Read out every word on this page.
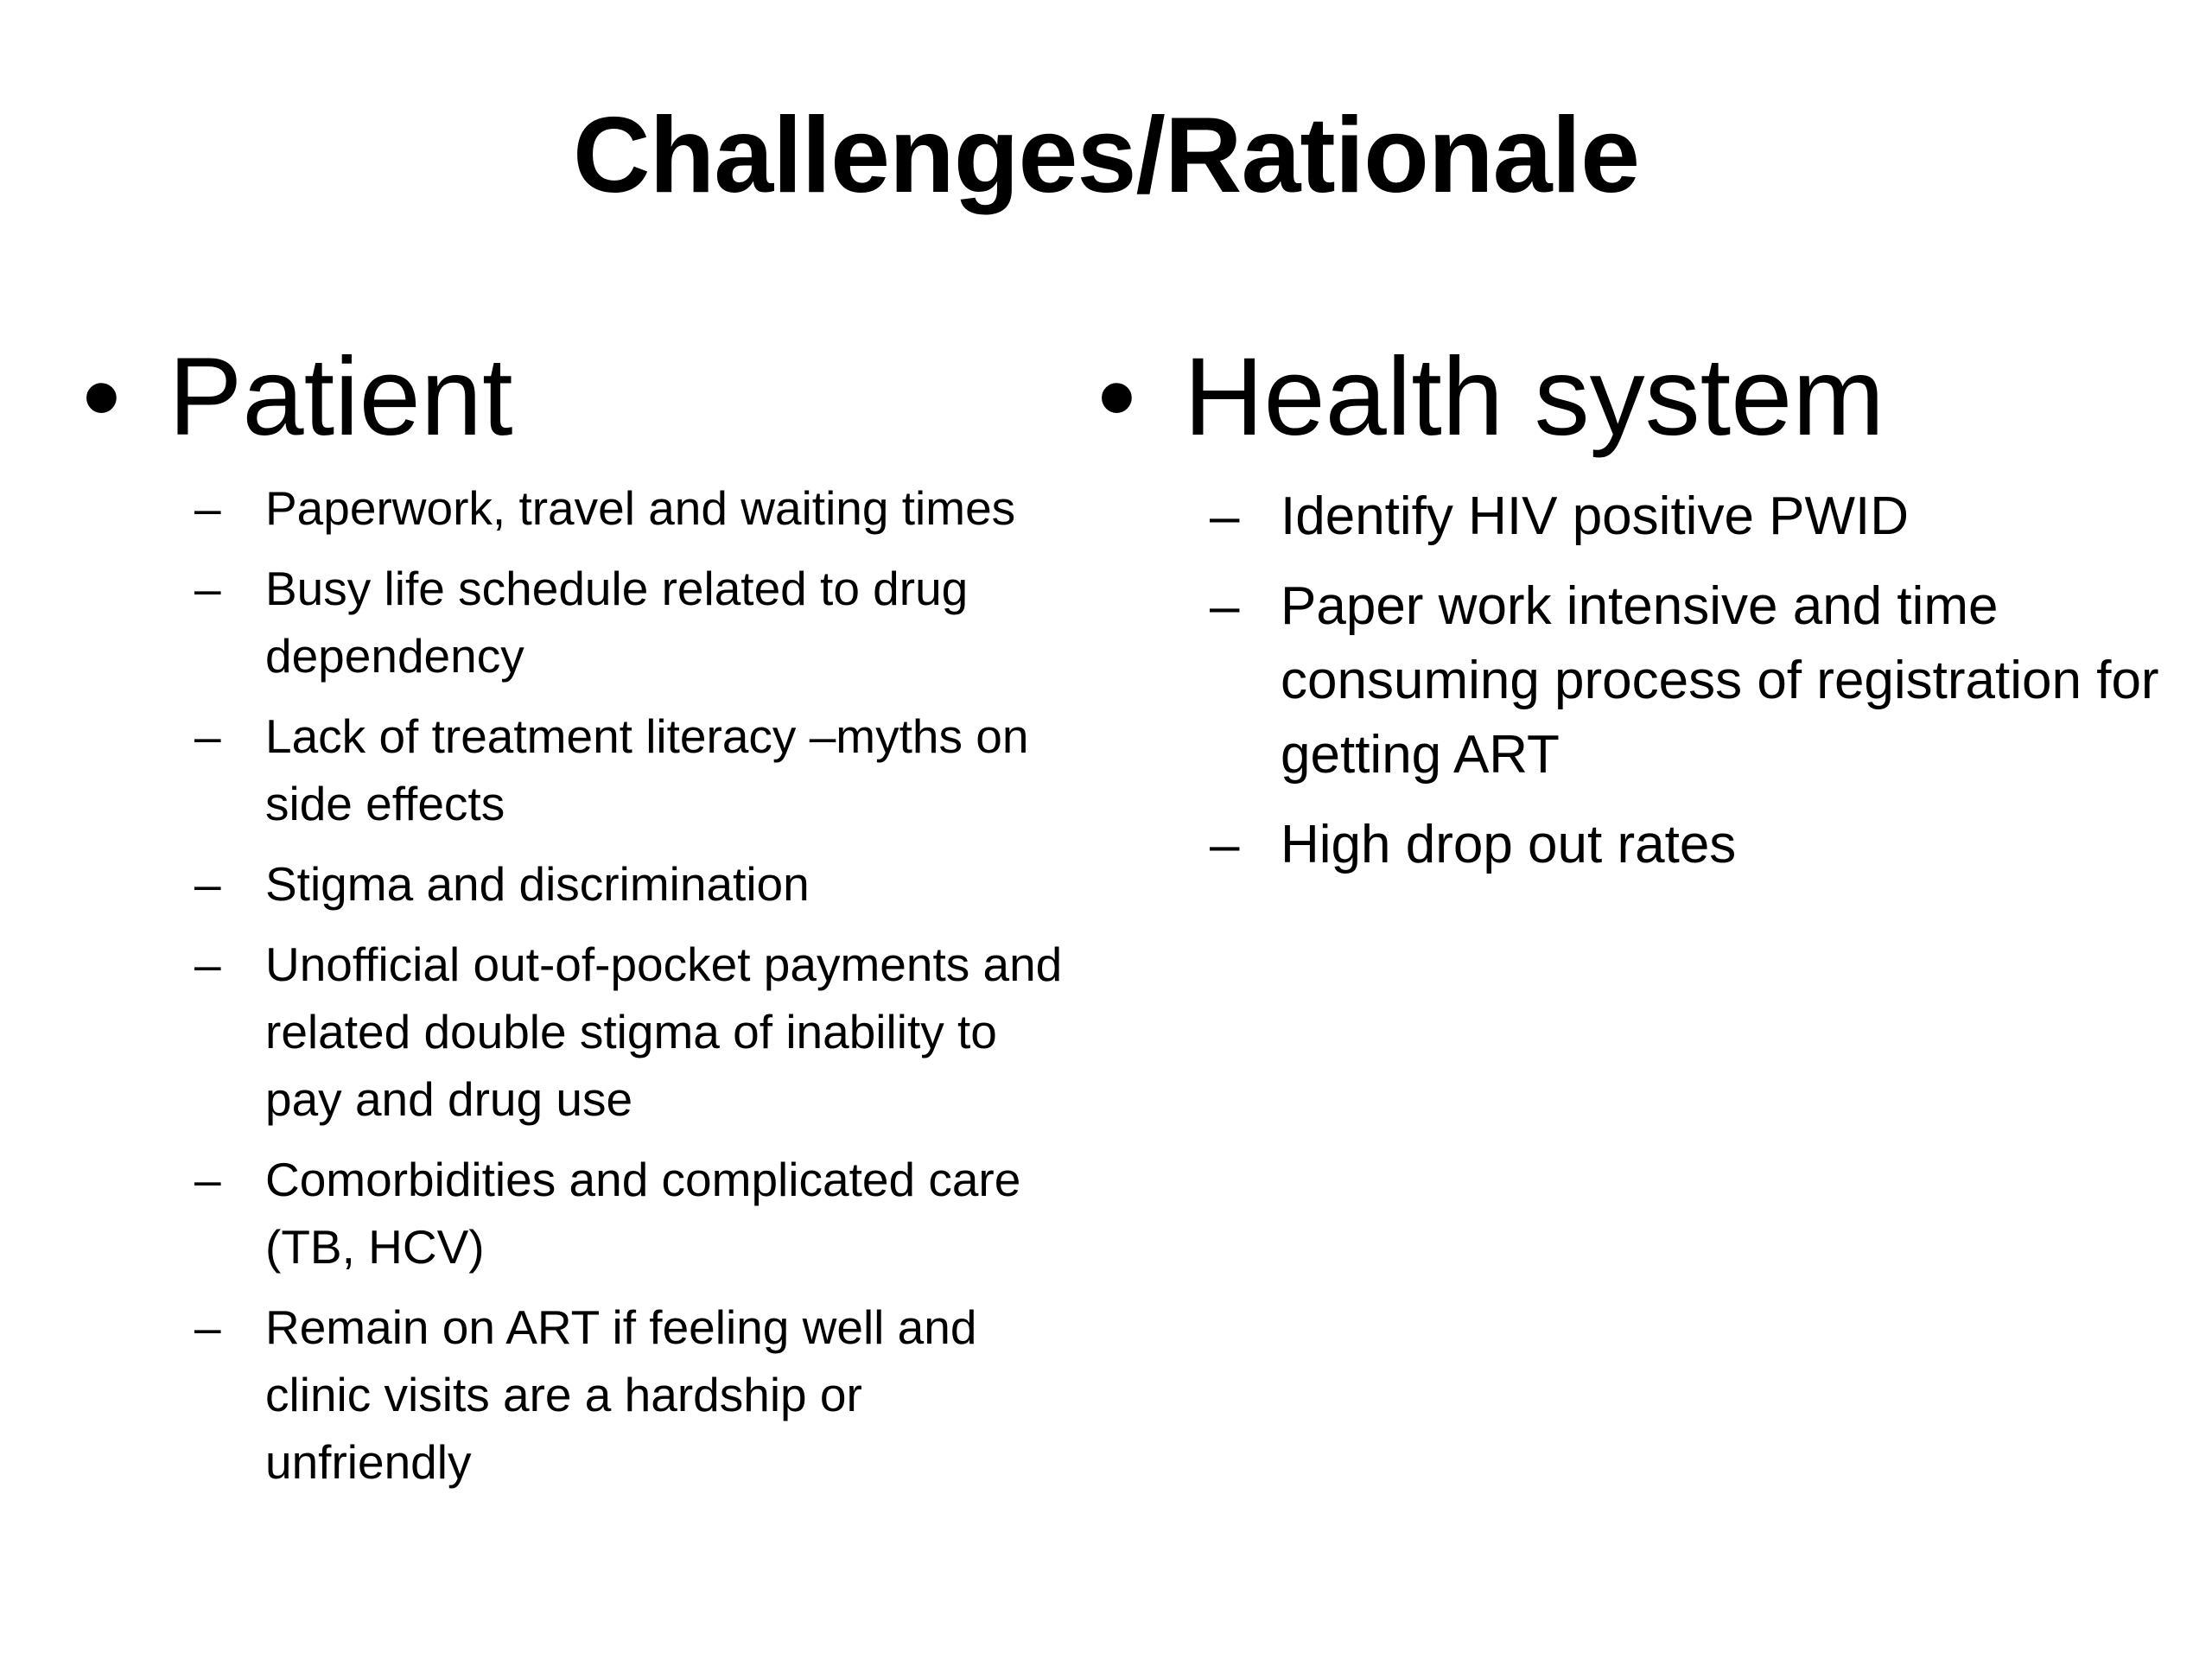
Challenges/Rationale
• Patient
– Paperwork, travel and waiting times
– Busy life schedule related to drug dependency
– Lack of treatment literacy –myths on side effects
– Stigma and discrimination
– Unofficial out-of-pocket payments and related double stigma of inability to pay and drug use
– Comorbidities and complicated care (TB, HCV)
– Remain on ART if feeling well and clinic visits are a hardship or unfriendly
• Health system
– Identify HIV positive PWID
– Paper work intensive and time consuming process of registration for getting ART
– High drop out rates
